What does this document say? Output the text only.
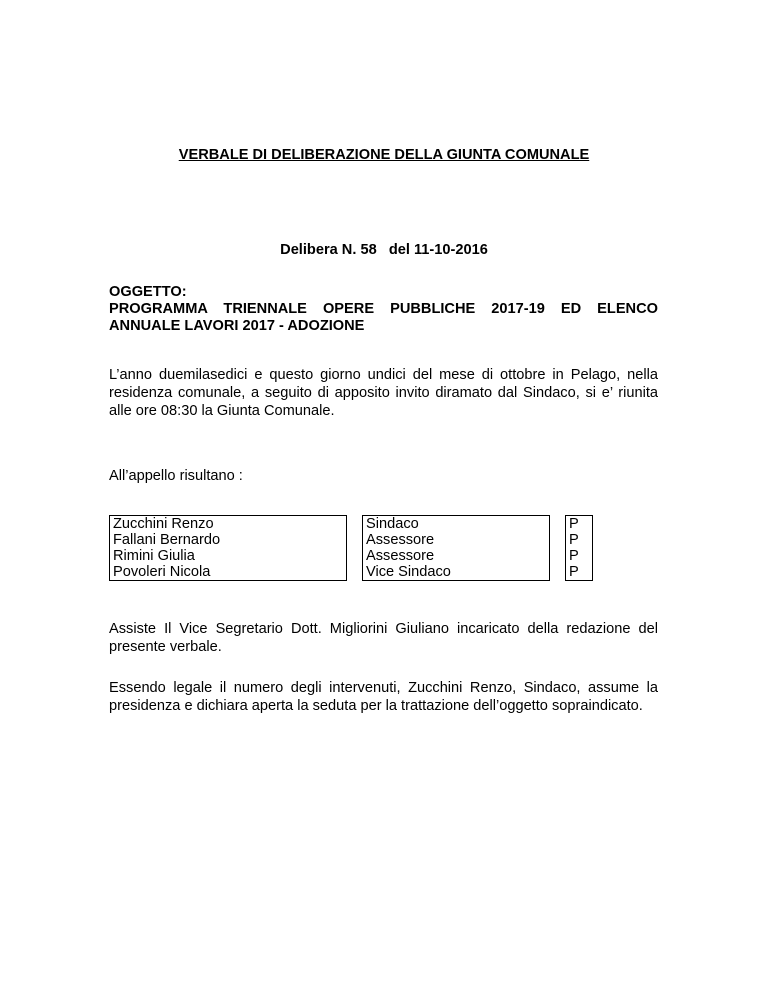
VERBALE DI DELIBERAZIONE DELLA GIUNTA COMUNALE
Delibera N. 58   del 11-10-2016
OGGETTO:
PROGRAMMA TRIENNALE OPERE PUBBLICHE 2017-19 ED ELENCO ANNUALE LAVORI 2017 - ADOZIONE
L’anno duemilasedici e questo giorno undici del mese di ottobre in Pelago, nella residenza comunale, a seguito di apposito invito diramato dal Sindaco, si e’ riunita alle ore 08:30 la Giunta Comunale.
All’appello risultano :
Zucchini Renzo		Sindaco		P
Fallani Bernardo		Assessore		P
Rimini Giulia		Assessore		P
Povoleri Nicola		Vice Sindaco		P
Assiste Il Vice Segretario Dott. Migliorini Giuliano incaricato della redazione del presente verbale.
Essendo legale il numero degli intervenuti, Zucchini Renzo, Sindaco, assume la presidenza e dichiara aperta la seduta per la trattazione dell’oggetto sopraindicato.
